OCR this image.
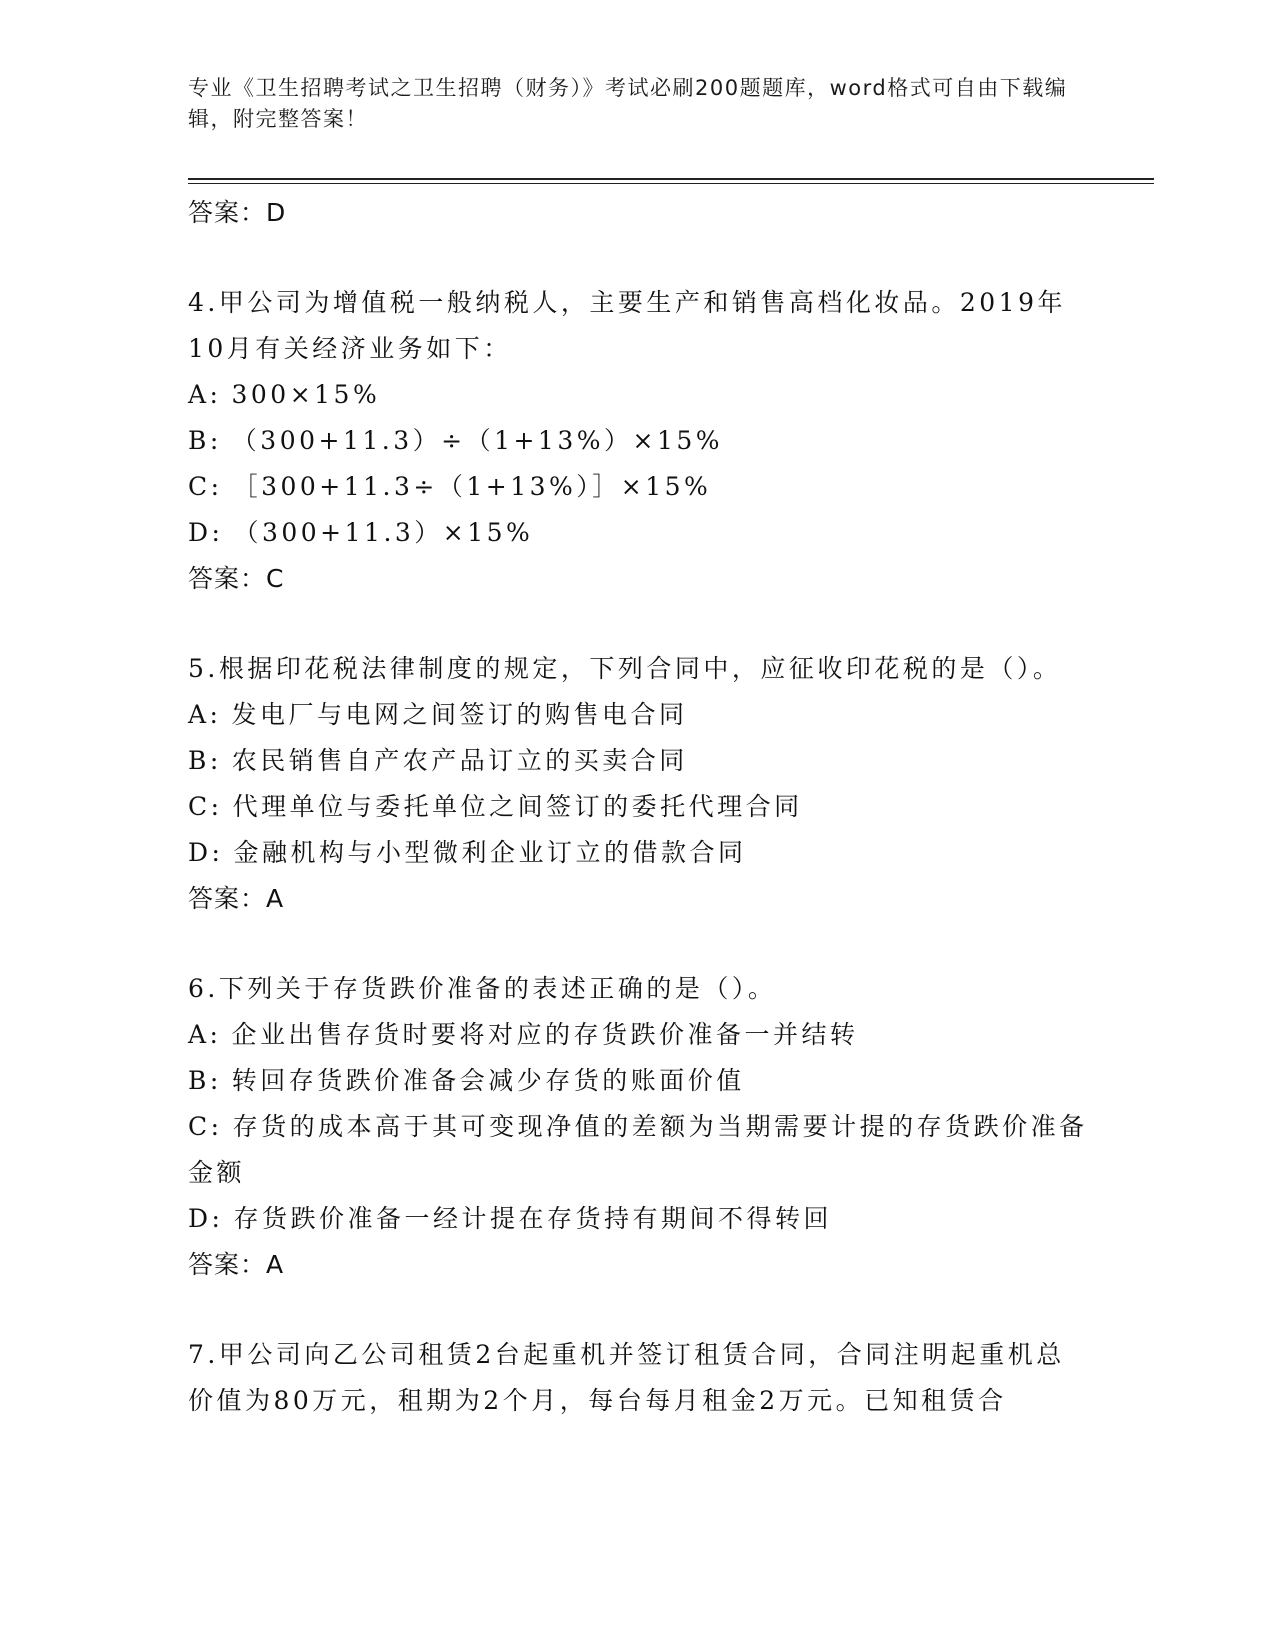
专业《卫生招聘考试之卫生招聘（财务）》考试必刷200题题库，word格式可自由下载编辑，附完整答案！
答案：D
4.甲公司为增值税一般纳税人，主要生产和销售高档化妆品。2019年10月有关经济业务如下：
A: 300×15%
B: （300+11.3）÷（1+13%）×15%
C: ［300+11.3÷（1+13%）］×15%
D: （300+11.3）×15%
答案：C
5.根据印花税法律制度的规定，下列合同中，应征收印花税的是（）。
A: 发电厂与电网之间签订的购售电合同
B: 农民销售自产农产品订立的买卖合同
C: 代理单位与委托单位之间签订的委托代理合同
D: 金融机构与小型微利企业订立的借款合同
答案：A
6.下列关于存货跌价准备的表述正确的是（）。
A: 企业出售存货时要将对应的存货跌价准备一并结转
B: 转回存货跌价准备会减少存货的账面价值
C: 存货的成本高于其可变现净值的差额为当期需要计提的存货跌价准备金额
D: 存货跌价准备一经计提在存货持有期间不得转回
答案：A
7.甲公司向乙公司租赁2台起重机并签订租赁合同，合同注明起重机总价值为80万元，租期为2个月，每台每月租金2万元。已知租赁合
